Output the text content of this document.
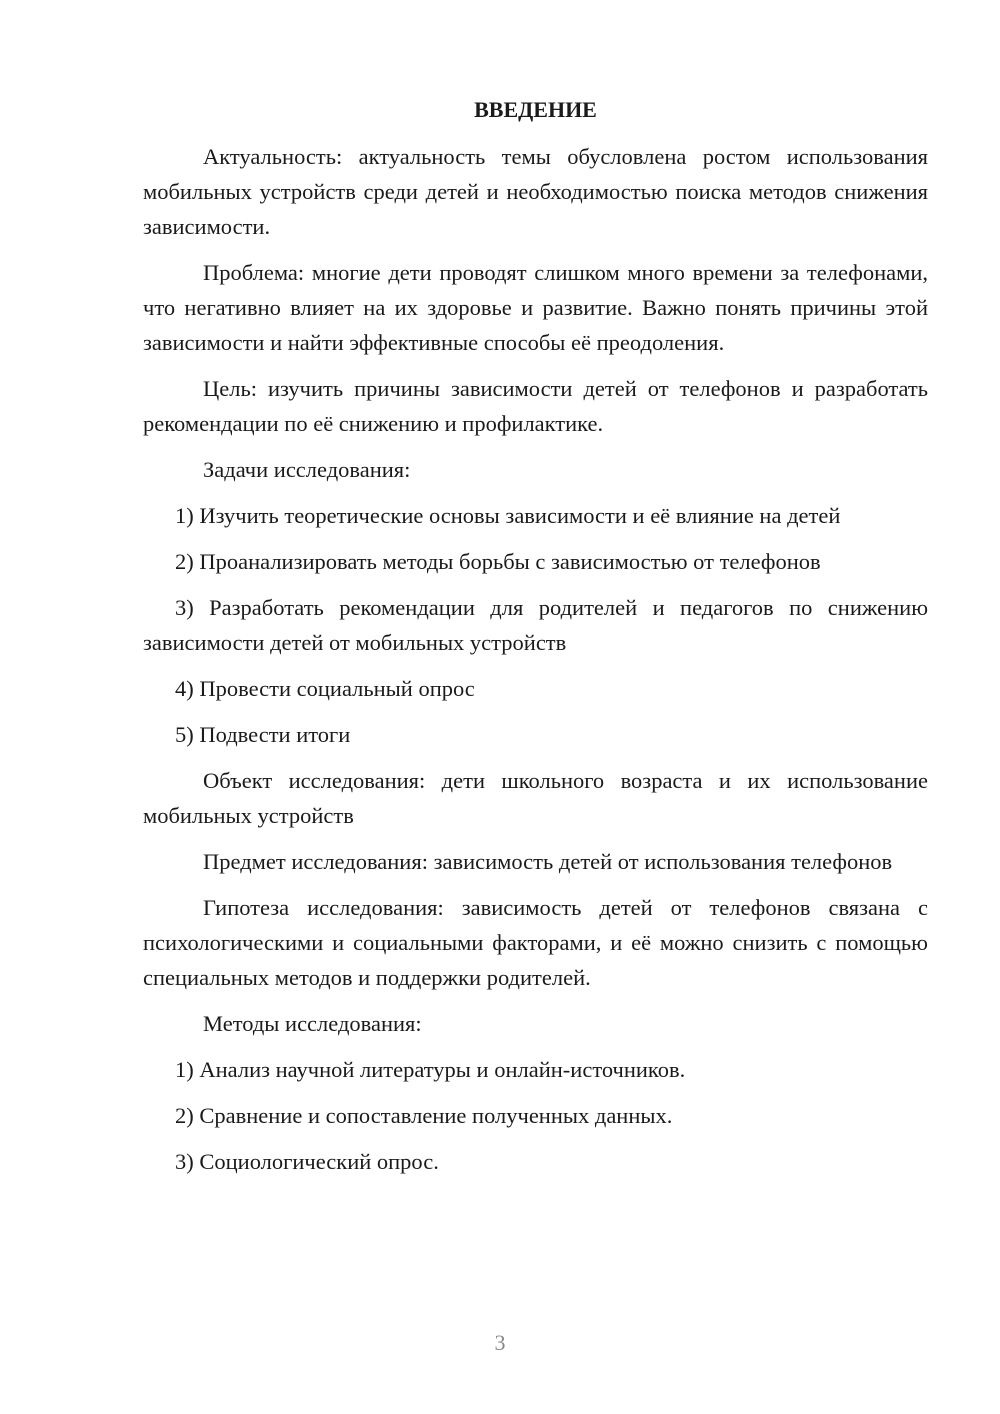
ВВЕДЕНИЕ

Актуальность: актуальность темы обусловлена ростом использования мобильных устройств среди детей и необходимостью поиска методов снижения зависимости.

Проблема: многие дети проводят слишком много времени за телефонами, что негативно влияет на их здоровье и развитие. Важно понять причины этой зависимости и найти эффективные способы её преодоления.

Цель: изучить причины зависимости детей от телефонов и разработать рекомендации по её снижению и профилактике.

Задачи исследования:

1) Изучить теоретические основы зависимости и её влияние на детей

2) Проанализировать методы борьбы с зависимостью от телефонов

3) Разработать рекомендации для родителей и педагогов по снижению зависимости детей от мобильных устройств

4) Провести социальный опрос

5) Подвести итоги

Объект исследования: дети школьного возраста и их использование мобильных устройств

Предмет исследования: зависимость детей от использования телефонов

Гипотеза исследования: зависимость детей от телефонов связана с психологическими и социальными факторами, и её можно снизить с помощью специальных методов и поддержки родителей.

Методы исследования:

1) Анализ научной литературы и онлайн-источников.

2) Сравнение и сопоставление полученных данных.

3) Социологический опрос.

3
